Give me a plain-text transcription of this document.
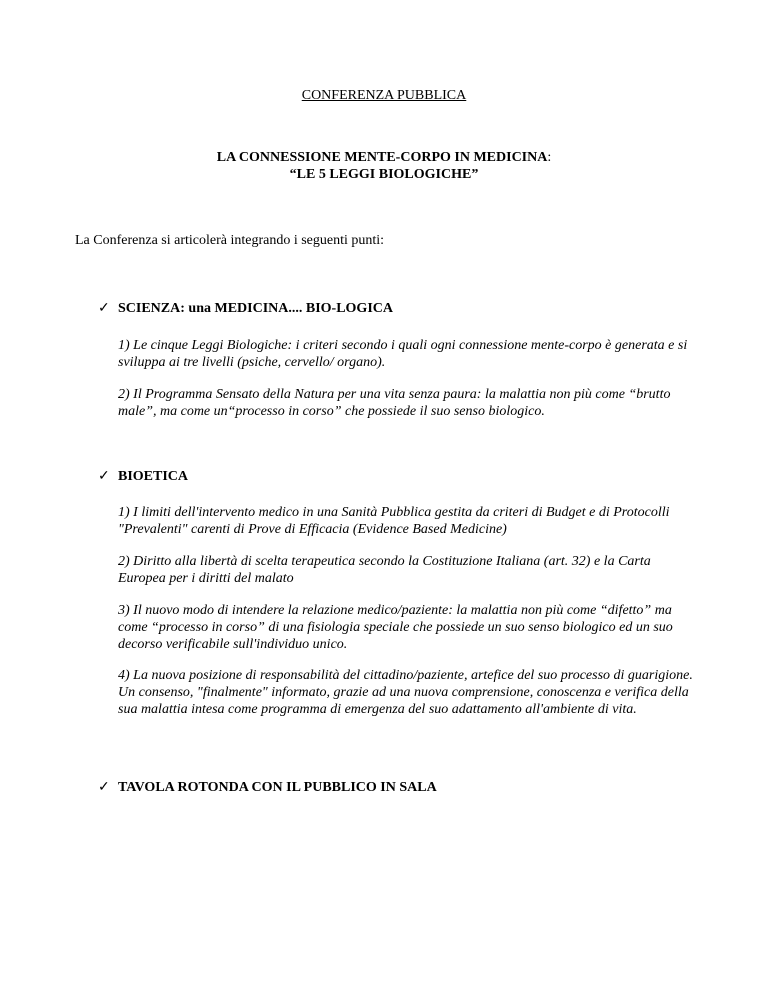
CONFERENZA PUBBLICA
LA CONNESSIONE MENTE-CORPO IN MEDICINA:
“LE 5 LEGGI BIOLOGICHE”
La Conferenza si articolerà integrando i seguenti punti:
✓ SCIENZA: una MEDICINA.... BIO-LOGICA
1) Le cinque Leggi Biologiche: i criteri secondo i quali ogni connessione mente-corpo è generata e si sviluppa ai tre livelli (psiche, cervello/ organo).
2) Il Programma Sensato della Natura per una vita senza paura: la malattia non più come “brutto male”, ma come un“processo in corso” che possiede il suo senso biologico.
✓ BIOETICA
1) I limiti dell'intervento medico in una Sanità Pubblica gestita da criteri di Budget e di Protocolli "Prevalenti" carenti di Prove di Efficacia (Evidence Based Medicine)
2) Diritto alla libertà di scelta terapeutica secondo la Costituzione Italiana (art. 32) e la Carta Europea per i diritti del malato
3) Il nuovo modo di intendere la relazione medico/paziente: la malattia non più come “difetto” ma come “processo in corso” di una fisiologia speciale che possiede un suo senso biologico ed un suo decorso verificabile sull'individuo unico.
4) La nuova posizione di responsabilità del cittadino/paziente, artefice del suo processo di guarigione. Un consenso, "finalmente" informato, grazie ad una nuova comprensione, conoscenza e verifica della sua malattia intesa come programma di emergenza del suo adattamento all'ambiente di vita.
✓ TAVOLA ROTONDA CON IL PUBBLICO IN SALA
